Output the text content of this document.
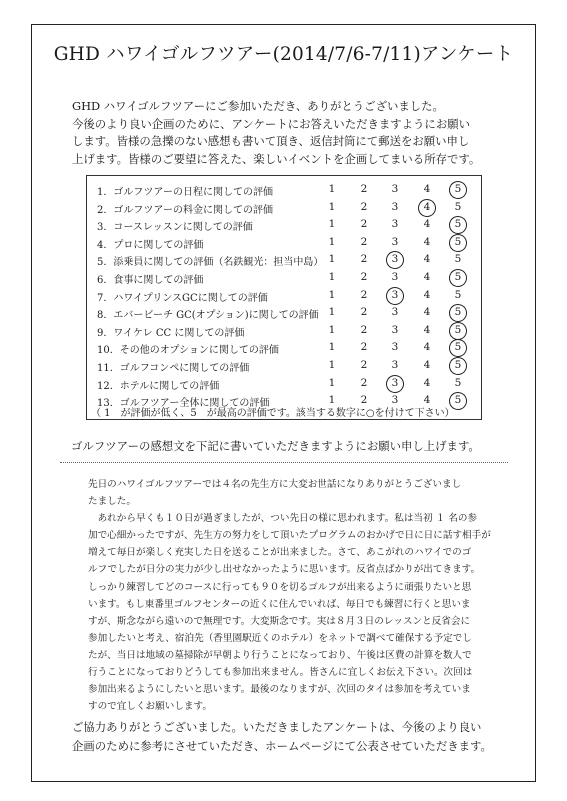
GHD ハワイゴルフツアー(2014/7/6-7/11)アンケート
GHD ハワイゴルフツアーにご参加いただき、ありがとうございました。
今後のより良い企画のために、アンケートにお答えいただきますようにお願い
します。皆様の急擽のない感想も書いて頂き、返信封筒にて郵送をお願い申し
上げます。皆様のご要望に答えた、楽しいイベントを企画してまいる所存です。
（ 1　が評価が低く、5　が最高の評価です。該当する数字に○を付けて下さい）
1．ゴルフツアーの日程に関しての評価	1	2	3	4	5
2．ゴルフツアーの料金に関しての評価	1	2	3	4	5
3．コースレッスンに関しての評価	1	2	3	4	5
4．プロに関しての評価	1	2	3	4	5
5．添乗員に関しての評価（名鉄観光：担当中島） 1	2	3	4	5
6．食事に関しての評価	1	2	3	4	5
7．ハワイプリンスGCに関しての評価	1	2	3	4	5
8．エバービーチ GC(オプション)に関しての評価 1	2	3	4	5
9．ワイケレ CC に関しての評価	1	2	3	4	5
10．その他のオプションに関しての評価	1	2	3	4	5
11．ゴルフコンペに関しての評価	1	2	3	4	5
12．ホテルに関しての評価	1	2	3	4	5
13．ゴルフツアー全体に関しての評価	1	2	3	4	5
ゴルフツアーの感想文を下記に書いていただきますようにお願い申し上げます。
先日のハワイゴルフツアーでは４名の先生方に大変お世話になりありがとうございまし
たました。
　あれから早くも１０日が過ぎましたが、つい先日の様に思われます。私は当初 １ 名の参
加で心細かったですが、先生方の努力をして頂いたプログラムのおかげで日に日に話す相手が
増えて毎日が楽しく充実した日を送ることが出来ました。さて、あこがれのハワイでのゴ
ルフでしたが日分の実力が少し出せなかったように思います。反省点ばかりが出てきます。
しっかり練習してどのコースに行っても９０を切るゴルフが出来るように頑張りたいと思
います。もし東番里ゴルフセンターの近くに住んでいれば、毎日でも練習に行くと思いま
すが、斯念ながら遠いので無理です。大変斯念です。実は８月３日のレッスンと反省会に
参加したいと考え、宿泊先（香里園駅近くのホテル）をネットで調べて確保する予定でし
たが、当日は地域の墓掃除が早朝より行うことになっており、午後は区費の計算を数人で
行うことになっておりどうしても参加出来ません。皆さんに宜しくお伝え下さい。次回は
参加出来るようにしたいと思います。最後のなりますが、次回のタイは参加を考えていま
すので宜しくお願いします。
ご協力ありがとうございました。いただきましたアンケートは、今後のより良い
企画のために参考にさせていただき、ホームページにて公表させていただきます。
